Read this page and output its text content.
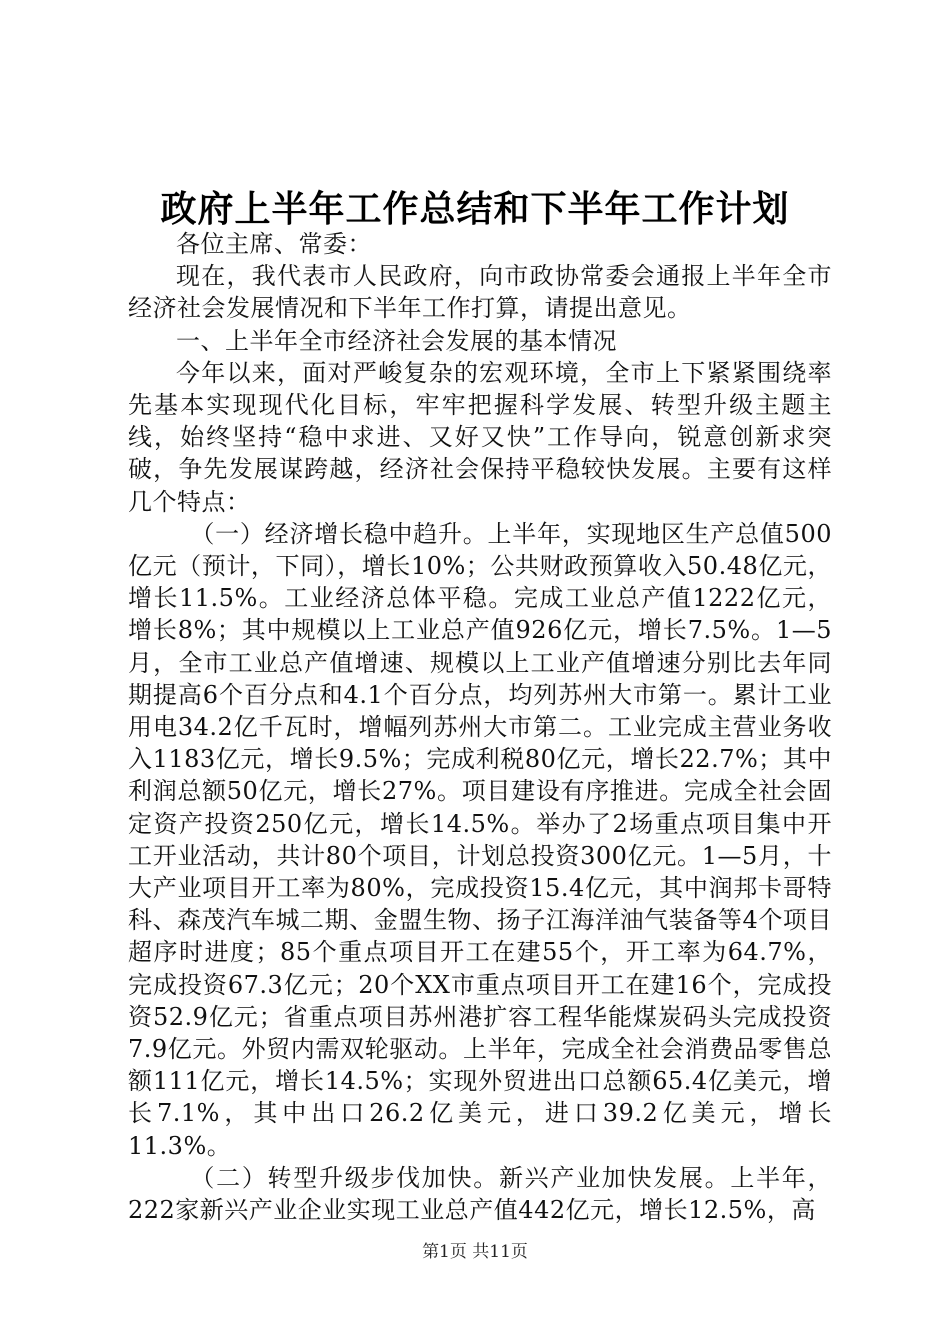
政府上半年工作总结和下半年工作计划

各位主席、常委：

现在，我代表市人民政府，向市政协常委会通报上半年全市经济社会发展情况和下半年工作打算，请提出意见。

一、上半年全市经济社会发展的基本情况

今年以来，面对严峻复杂的宏观环境，全市上下紧紧围绕率先基本实现现代化目标，牢牢把握科学发展、转型升级主题主线，始终坚持“稳中求进、又好又快”工作导向，锐意创新求突破，争先发展谋跨越，经济社会保持平稳较快发展。主要有这样几个特点：

（一）经济增长稳中趋升。上半年，实现地区生产总值500亿元（预计，下同），增长10%；公共财政预算收入50.48亿元，增长11.5%。工业经济总体平稳。完成工业总产值1222亿元，增长8%；其中规模以上工业总产值926亿元，增长7.5%。1—5月，全市工业总产值增速、规模以上工业产值增速分别比去年同期提高6个百分点和4.1个百分点，均列苏州大市第一。累计工业用电34.2亿千瓦时，增幅列苏州大市第二。工业完成主营业务收入1183亿元，增长9.5%；完成利税80亿元，增长22.7%；其中利润总额50亿元，增长27%。项目建设有序推进。完成全社会固定资产投资250亿元，增长14.5%。举办了2场重点项目集中开工开业活动，共计80个项目，计划总投资300亿元。1—5月，十大产业项目开工率为80%，完成投资15.4亿元，其中润邦卡哥特科、森茂汽车城二期、金盟生物、扬子江海洋油气装备等4个项目超序时进度；85个重点项目开工在建55个，开工率为64.7%，完成投资67.3亿元；20个XX市重点项目开工在建16个，完成投资52.9亿元；省重点项目苏州港扩容工程华能煤炭码头完成投资7.9亿元。外贸内需双轮驱动。上半年，完成全社会消费品零售总额111亿元，增长14.5%；实现外贸进出口总额65.4亿美元，增长7.1%，其中出口26.2亿美元，进口39.2亿美元，增长11.3%。

（二）转型升级步伐加快。新兴产业加快发展。上半年，222家新兴产业企业实现工业总产值442亿元，增长12.5%，高

第1页 共11页
